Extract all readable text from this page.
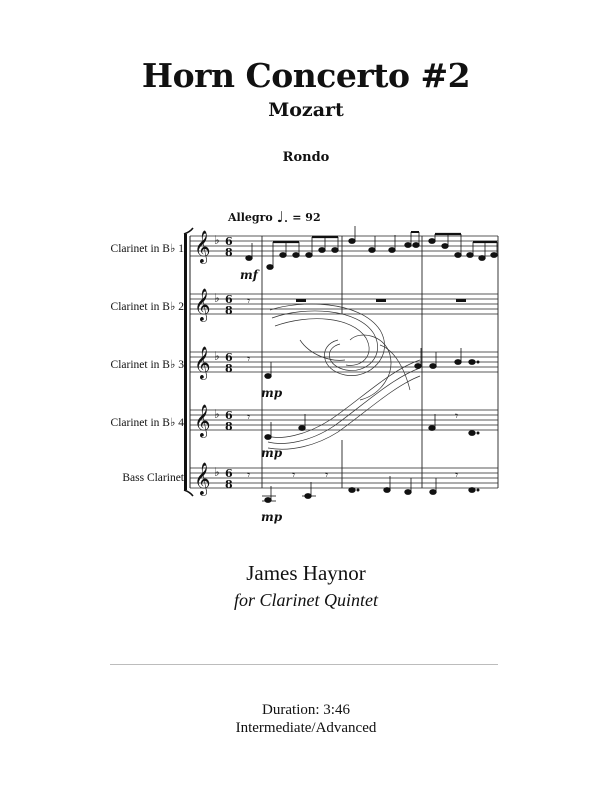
Horn Concerto #2
Mozart
Rondo
Allegro ♩. = 92
Clarinet in B♭ 1
Clarinet in B♭ 2
Clarinet in B♭ 3
Clarinet in B♭ 4
Bass Clarinet
𝄞
𝄞
𝄞
𝄞
𝄞
♭
♭
♭
♭
♭
6
8
6
8
6
8
6
8
6
8
𝄾
𝄾
𝄾	𝄾
𝄾	𝄾 𝄾	𝄾
mf
mp
mp
mp
James Haynor
for Clarinet Quintet
Duration: 3:46
Intermediate/Advanced
